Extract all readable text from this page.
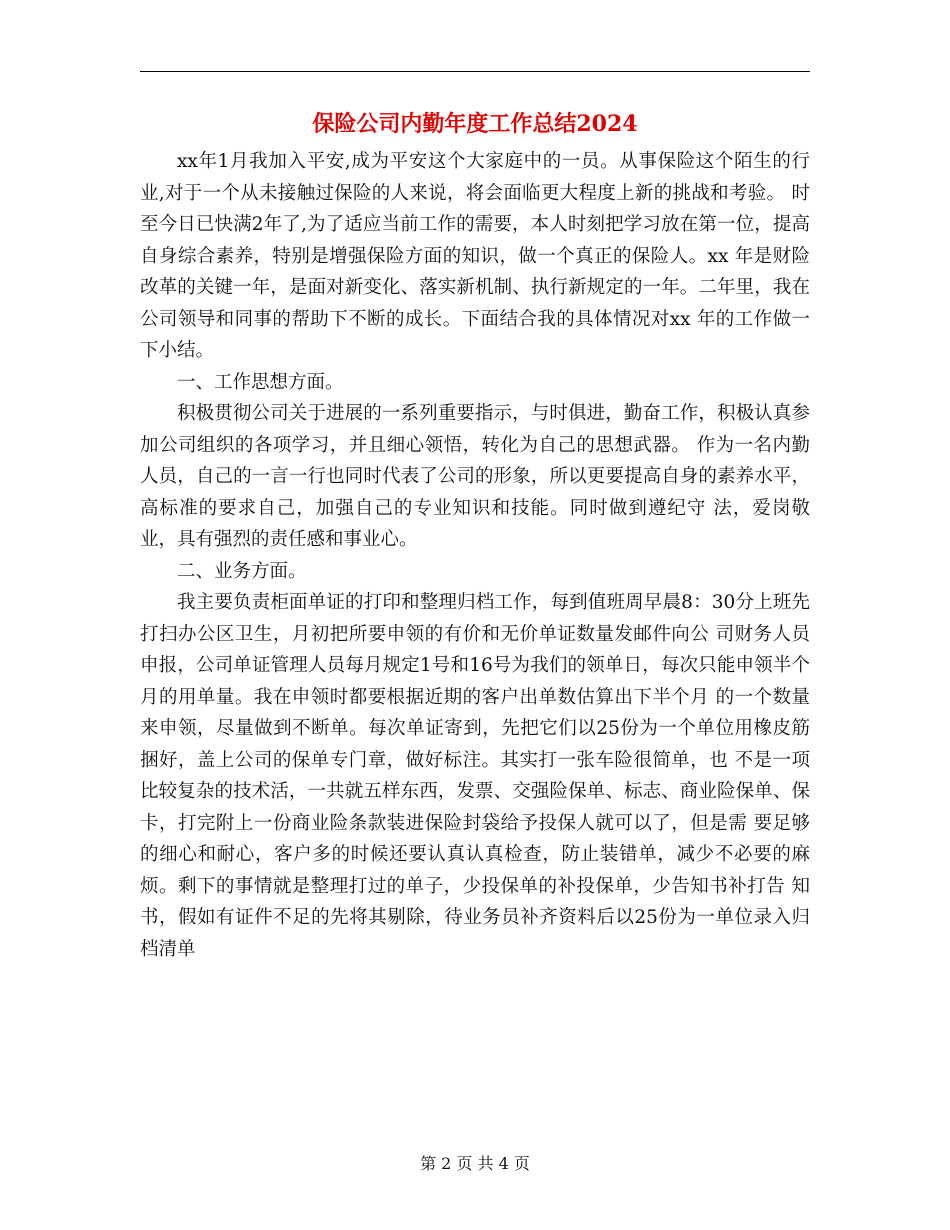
保险公司内勤年度工作总结2024

xx年1月我加入平安,成为平安这个大家庭中的一员。从事保险这个陌生的行业,对于一个从未接触过保险的人来说，将会面临更大程度上新的挑战和考验。 时至今日已快满2年了,为了适应当前工作的需要，本人时刻把学习放在第一位，提高自身综合素养，特别是增强保险方面的知识，做一个真正的保险人。xx 年是财险改革的关键一年，是面对新变化、落实新机制、执行新规定的一年。二年里，我在公司领导和同事的帮助下不断的成长。下面结合我的具体情况对xx 年的工作做一下小结。

一、工作思想方面。

积极贯彻公司关于进展的一系列重要指示，与时俱进，勤奋工作，积极认真参加公司组织的各项学习，并且细心领悟，转化为自己的思想武器。 作为一名内勤人员，自己的一言一行也同时代表了公司的形象，所以更要提高自身的素养水平，高标准的要求自己，加强自己的专业知识和技能。同时做到遵纪守 法，爱岗敬业，具有强烈的责任感和事业心。

二、业务方面。

我主要负责柜面单证的打印和整理归档工作，每到值班周早晨8：30分上班先打扫办公区卫生，月初把所要申领的有价和无价单证数量发邮件向公 司财务人员申报，公司单证管理人员每月规定1号和16号为我们的领单日，每次只能申领半个月的用单量。我在申领时都要根据近期的客户出单数估算出下半个月 的一个数量来申领，尽量做到不断单。每次单证寄到，先把它们以25份为一个单位用橡皮筋捆好，盖上公司的保单专门章，做好标注。其实打一张车险很简单，也 不是一项比较复杂的技术活，一共就五样东西，发票、交强险保单、标志、商业险保单、保卡，打完附上一份商业险条款装进保险封袋给予投保人就可以了，但是需 要足够的细心和耐心，客户多的时候还要认真认真检查，防止装错单，减少不必要的麻烦。剩下的事情就是整理打过的单子，少投保单的补投保单，少告知书补打告 知书，假如有证件不足的先将其剔除，待业务员补齐资料后以25份为一单位录入归档清单

第 2 页 共 4 页
